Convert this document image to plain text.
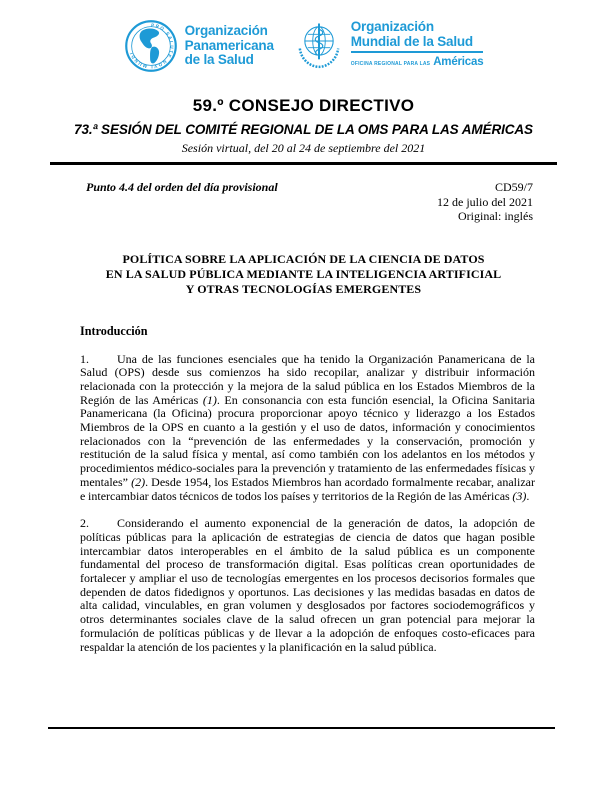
PRO SALUTE NOVI MUNDI
Organización
Panamericana
de la Salud
Organización
Mundial de la Salud
OFICINA REGIONAL PARA LAS Américas
59.º CONSEJO DIRECTIVO
73.ª SESIÓN DEL COMITÉ REGIONAL DE LA OMS PARA LAS AMÉRICAS
Sesión virtual, del 20 al 24 de septiembre del 2021
Punto 4.4 del orden del día provisional	CD59/7
12 de julio del 2021
Original: inglés
POLÍTICA SOBRE LA APLICACIÓN DE LA CIENCIA DE DATOS
EN LA SALUD PÚBLICA MEDIANTE LA INTELIGENCIA ARTIFICIAL
Y OTRAS TECNOLOGÍAS EMERGENTES
Introducción

1. Una de las funciones esenciales que ha tenido la Organización Panamericana de la Salud (OPS) desde sus comienzos ha sido recopilar, analizar y distribuir información relacionada con la protección y la mejora de la salud pública en los Estados Miembros de la Región de las Américas (1). En consonancia con esta función esencial, la Oficina Sanitaria Panamericana (la Oficina) procura proporcionar apoyo técnico y liderazgo a los Estados Miembros de la OPS en cuanto a la gestión y el uso de datos, información y conocimientos relacionados con la “prevención de las enfermedades y la conservación, promoción y restitución de la salud física y mental, así como también con los adelantos en los métodos y procedimientos médico-sociales para la prevención y tratamiento de las enfermedades físicas y mentales” (2). Desde 1954, los Estados Miembros han acordado formalmente recabar, analizar e intercambiar datos técnicos de todos los países y territorios de la Región de las Américas (3).

2. Considerando el aumento exponencial de la generación de datos, la adopción de políticas públicas para la aplicación de estrategias de ciencia de datos que hagan posible intercambiar datos interoperables en el ámbito de la salud pública es un componente fundamental del proceso de transformación digital. Esas políticas crean oportunidades de fortalecer y ampliar el uso de tecnologías emergentes en los procesos decisorios formales que dependen de datos fidedignos y oportunos. Las decisiones y las medidas basadas en datos de alta calidad, vinculables, en gran volumen y desglosados por factores sociodemográficos y otros determinantes sociales clave de la salud ofrecen un gran potencial para mejorar la formulación de políticas públicas y de llevar a la adopción de enfoques costo-eficaces para respaldar la atención de los pacientes y la planificación en la salud pública.
